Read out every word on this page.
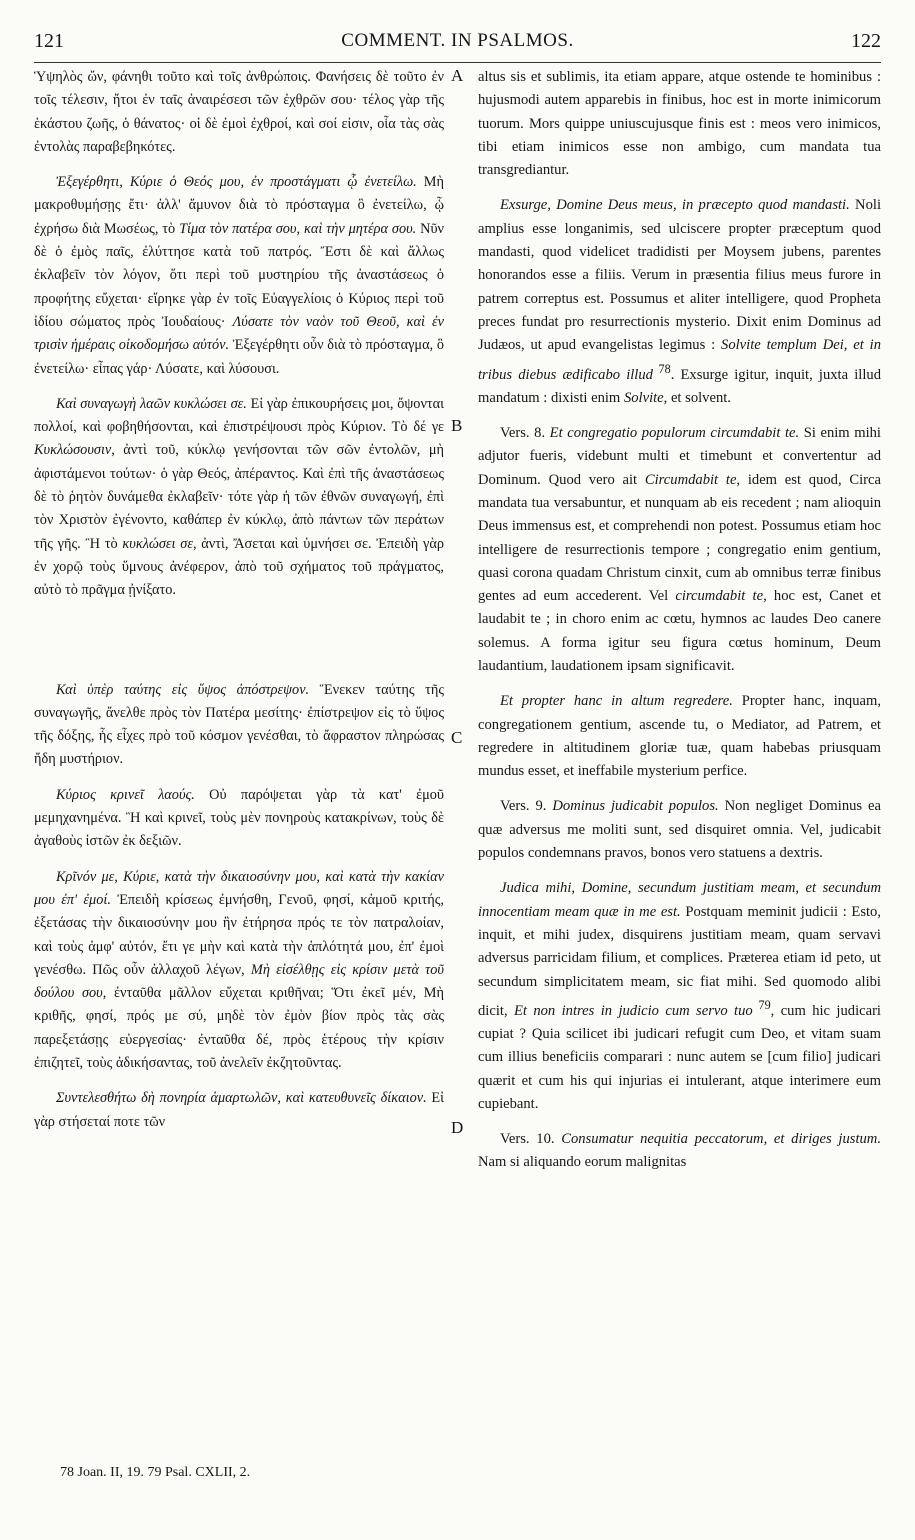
121	COMMENT. IN PSALMOS.	122
A
B
C
D

Ὑψηλὸς ὤν, φάνηθι τοῦτο καὶ τοῖς ἀνθρώποις. Φανήσεις δὲ τοῦτο ἐν τοῖς τέλεσιν, ἤτοι ἐν ταῖς ἀναιρέσεσι τῶν ἐχθρῶν σου· τέλος γὰρ τῆς ἑκάστου ζωῆς, ὁ θάνατος· οἱ δὲ ἐμοὶ ἐχθροί, καὶ σοί εἰσιν, οἷα τὰς σὰς ἐντολὰς παραβεβηκότες.

Ἐξεγέρθητι, Κύριε ὁ Θεός μου, ἐν προστάγματι ᾧ ἐνετείλω. Μὴ μακροθυμήσῃς ἔτι· ἀλλ' ἄμυνον διὰ τὸ πρόσταγμα ὃ ἐνετείλω, ᾧ ἐχρήσω διὰ Μωσέως, τὸ Τίμα τὸν πατέρα σου, καὶ τὴν μητέρα σου. Νῦν δὲ ὁ ἐμὸς παῖς, ἐλύττησε κατὰ τοῦ πατρός. Ἔστι δὲ καὶ ἄλλως ἐκλαβεῖν τὸν λόγον, ὅτι περὶ τοῦ μυστηρίου τῆς ἀναστάσεως ὁ προφήτης εὔχεται· εἴρηκε γὰρ ἐν τοῖς Εὐαγγελίοις ὁ Κύριος περὶ τοῦ ἰδίου σώματος πρὸς Ἰουδαίους· Λύσατε τὸν ναὸν τοῦ Θεοῦ, καὶ ἐν τρισὶν ἡμέραις οἰκοδομήσω αὐτόν. Ἐξεγέρθητι οὖν διὰ τὸ πρόσταγμα, ὃ ἐνετείλω· εἶπας γάρ· Λύσατε, καὶ λύσουσι.

Καὶ συναγωγὴ λαῶν κυκλώσει σε. Εἰ γὰρ ἐπικουρήσεις μοι, ὄψονται πολλοί, καὶ φοβηθήσονται, καὶ ἐπιστρέψουσι πρὸς Κύριον. Τὸ δέ γε Κυκλώσουσιν, ἀντὶ τοῦ, κύκλῳ γενήσονται τῶν σῶν ἐντολῶν, μὴ ἀφιστάμενοι τούτων· ὁ γὰρ Θεός, ἀπέραντος. Καὶ ἐπὶ τῆς ἀναστάσεως δὲ τὸ ῥητὸν δυνάμεθα ἐκλαβεῖν· τότε γὰρ ἡ τῶν ἐθνῶν συναγωγή, ἐπὶ τὸν Χριστὸν ἐγένοντο, καθάπερ ἐν κύκλῳ, ἀπὸ πάντων τῶν περάτων τῆς γῆς. Ἢ τὸ κυκλώσει σε, ἀντὶ, Ἄσεται καὶ ὑμνήσει σε. Ἐπειδὴ γὰρ ἐν χορῷ τοὺς ὕμνους ἀνέφερον, ἀπὸ τοῦ σχήματος τοῦ πράγματος, αὐτὸ τὸ πρᾶγμα ᾐνίξατο.

Καὶ ὑπὲρ ταύτης εἰς ὕψος ἀπόστρεψον. Ἕνεκεν ταύτης τῆς συναγωγῆς, ἄνελθε πρὸς τὸν Πατέρα μεσίτης· ἐπίστρεψον εἰς τὸ ὕψος τῆς δόξης, ἧς εἶχες πρὸ τοῦ κόσμον γενέσθαι, τὸ ἄφραστον πληρώσας ἤδη μυστήριον.

Κύριος κρινεῖ λαούς. Οὐ παρόψεται γὰρ τὰ κατ' ἐμοῦ μεμηχανημένα. Ἢ καὶ κρινεῖ, τοὺς μὲν πονηροὺς κατακρίνων, τοὺς δὲ ἀγαθοὺς ἱστῶν ἐκ δεξιῶν.

Κρῖνόν με, Κύριε, κατὰ τὴν δικαιοσύνην μου, καὶ κατὰ τὴν κακίαν μου ἐπ' ἐμοί. Ἐπειδὴ κρίσεως ἐμνήσθη, Γενοῦ, φησί, κἀμοῦ κριτής, ἐξετάσας τὴν δικαιοσύνην μου ἣν ἐτήρησα πρός τε τὸν πατραλοίαν, καὶ τοὺς ἀμφ' αὐτόν, ἔτι γε μὴν καὶ κατὰ τὴν ἁπλότητά μου, ἐπ' ἐμοὶ γενέσθω. Πῶς οὖν ἀλλαχοῦ λέγων, Μὴ εἰσέλθῃς εἰς κρίσιν μετὰ τοῦ δούλου σου, ἐνταῦθα μᾶλλον εὔχεται κριθῆναι; Ὅτι ἐκεῖ μέν, Μὴ κριθῆς, φησί, πρός με σύ, μηδὲ τὸν ἐμὸν βίον πρὸς τὰς σὰς παρεξετάσῃς εὐεργεσίας· ἐνταῦθα δέ, πρὸς ἑτέρους τὴν κρίσιν ἐπιζητεῖ, τοὺς ἀδικήσαντας, τοῦ ἀνελεῖν ἐκζητοῦντας.

Συντελεσθήτω δὴ πονηρία ἁμαρτωλῶν, καὶ κατευθυνεῖς δίκαιον. Εἰ γὰρ στήσεταί ποτε τῶν

altus sis et sublimis, ita etiam appare, atque ostende te hominibus : hujusmodi autem apparebis in finibus, hoc est in morte inimicorum tuorum. Mors quippe uniuscujusque finis est : meos vero inimicos, tibi etiam inimicos esse non ambigo, cum mandata tua transgrediantur.

Exsurge, Domine Deus meus, in præcepto quod mandasti. Noli amplius esse longanimis, sed ulciscere propter præceptum quod mandasti, quod videlicet tradidisti per Moysem jubens, parentes honorandos esse a filiis. Verum in præsentia filius meus furore in patrem correptus est. Possumus et aliter intelligere, quod Propheta preces fundat pro resurrectionis mysterio. Dixit enim Dominus ad Judæos, ut apud evangelistas legimus : Solvite templum Dei, et in tribus diebus ædificabo illud $^{78}$. Exsurge igitur, inquit, juxta illud mandatum : dixisti enim Solvite, et solvent.

Vers. 8. Et congregatio populorum circumdabit te. Si enim mihi adjutor fueris, videbunt multi et timebunt et convertentur ad Dominum. Quod vero ait Circumdabit te, idem est quod, Circa mandata tua versabuntur, et nunquam ab eis recedent ; nam alioquin Deus immensus est, et comprehendi non potest. Possumus etiam hoc intelligere de resurrectionis tempore ; congregatio enim gentium, quasi corona quadam Christum cinxit, cum ab omnibus terræ finibus gentes ad eum accederent. Vel circumdabit te, hoc est, Canet et laudabit te ; in choro enim ac cœtu, hymnos ac laudes Deo canere solemus. A forma igitur seu figura cœtus hominum, Deum laudantium, laudationem ipsam significavit.

Et propter hanc in altum regredere. Propter hanc, inquam, congregationem gentium, ascende tu, o Mediator, ad Patrem, et regredere in altitudinem gloriæ tuæ, quam habebas priusquam mundus esset, et ineffabile mysterium perfice.

Vers. 9. Dominus judicabit populos. Non negliget Dominus ea quæ adversus me moliti sunt, sed disquiret omnia. Vel, judicabit populos condemnans pravos, bonos vero statuens a dextris.

Judica mihi, Domine, secundum justitiam meam, et secundum innocentiam meam quæ in me est. Postquam meminit judicii : Esto, inquit, et mihi judex, disquirens justitiam meam, quam servavi adversus parricidam filium, et complices. Præterea etiam id peto, ut secundum simplicitatem meam, sic fiat mihi. Sed quomodo alibi dicit, Et non intres in judicio cum servo tuo $^{79}$, cum hic judicari cupiat ? Quia scilicet ibi judicari refugit cum Deo, et vitam suam cum illius beneficiis comparari : nunc autem se [cum filio] judicari quærit et cum his qui injurias ei intulerant, atque interimere eum cupiebant.

Vers. 10. Consumatur nequitia peccatorum, et diriges justum. Nam si aliquando eorum malignitas

78 Joan. II, 19. 79 Psal. CXLII, 2.
